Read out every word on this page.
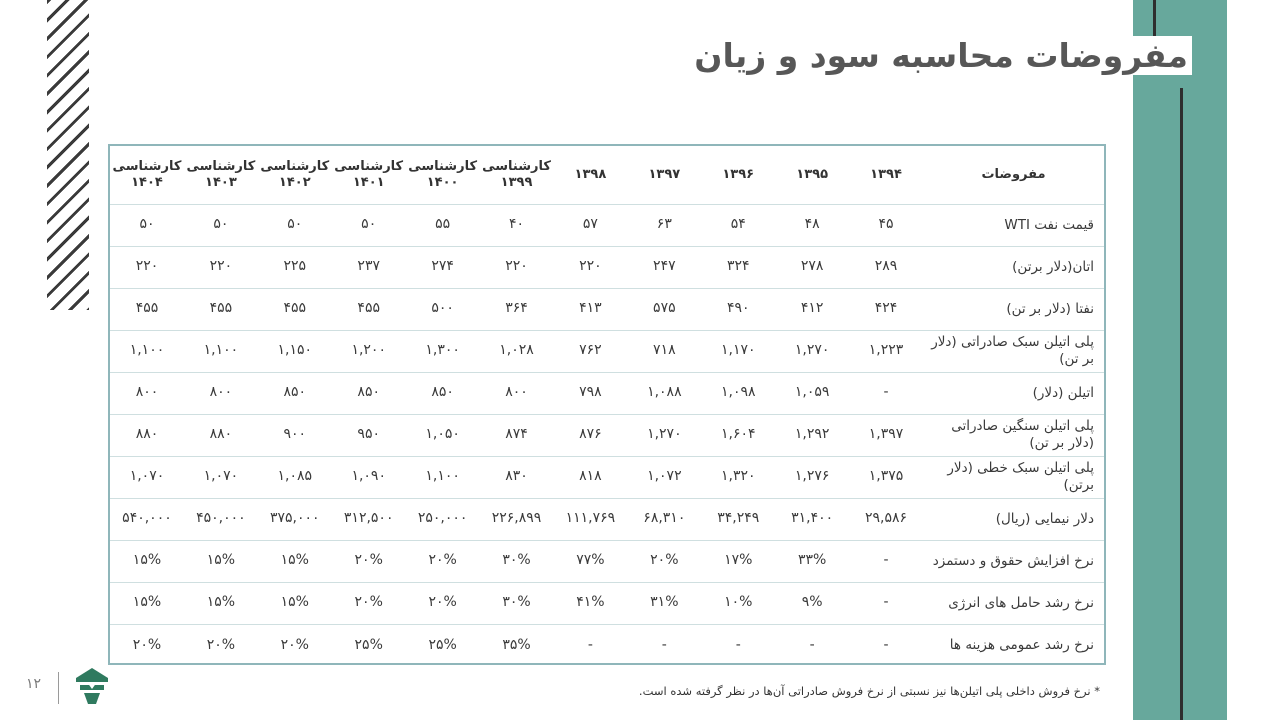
مفروضات محاسبه سود و زیان
مفروضات	۱۳۹۴	۱۳۹۵	۱۳۹۶	۱۳۹۷	۱۳۹۸	کارشناسی ۱۳۹۹	کارشناسی ۱۴۰۰	کارشناسی ۱۴۰۱	کارشناسی ۱۴۰۲	کارشناسی ۱۴۰۳	کارشناسی ۱۴۰۴
قیمت نفت WTI	۴۵	۴۸	۵۴	۶۳	۵۷	۴۰	۵۵	۵۰	۵۰	۵۰	۵۰
اتان(دلار برتن)	۲۸۹	۲۷۸	۳۲۴	۲۴۷	۲۲۰	۲۲۰	۲۷۴	۲۳۷	۲۲۵	۲۲۰	۲۲۰
نفتا (دلار بر تن)	۴۲۴	۴۱۲	۴۹۰	۵۷۵	۴۱۳	۳۶۴	۵۰۰	۴۵۵	۴۵۵	۴۵۵	۴۵۵
پلی اتیلن سبک صادراتی (دلار بر تن)	۱,۲۲۳	۱,۲۷۰	۱,۱۷۰	۷۱۸	۷۶۲	۱,۰۲۸	۱,۳۰۰	۱,۲۰۰	۱,۱۵۰	۱,۱۰۰	۱,۱۰۰
اتیلن (دلار)	-	۱,۰۵۹	۱,۰۹۸	۱,۰۸۸	۷۹۸	۸۰۰	۸۵۰	۸۵۰	۸۵۰	۸۰۰	۸۰۰
پلی اتیلن سنگین صادراتی (دلار بر تن)	۱,۳۹۷	۱,۲۹۲	۱,۶۰۴	۱,۲۷۰	۸۷۶	۸۷۴	۱,۰۵۰	۹۵۰	۹۰۰	۸۸۰	۸۸۰
پلی اتیلن سبک خطی (دلار برتن)	۱,۳۷۵	۱,۲۷۶	۱,۳۲۰	۱,۰۷۲	۸۱۸	۸۳۰	۱,۱۰۰	۱,۰۹۰	۱,۰۸۵	۱,۰۷۰	۱,۰۷۰
دلار نیمایی (ریال)	۲۹,۵۸۶	۳۱,۴۰۰	۳۴,۲۴۹	۶۸,۳۱۰	۱۱۱,۷۶۹	۲۲۶,۸۹۹	۲۵۰,۰۰۰	۳۱۲,۵۰۰	۳۷۵,۰۰۰	۴۵۰,۰۰۰	۵۴۰,۰۰۰
نرخ افزایش حقوق و دستمزد	-	۳۳%	۱۷%	۲۰%	۷۷%	۳۰%	۲۰%	۲۰%	۱۵%	۱۵%	۱۵%
نرخ رشد حامل های انرژی	-	۹%	۱۰%	۳۱%	۴۱%	۳۰%	۲۰%	۲۰%	۱۵%	۱۵%	۱۵%
نرخ رشد عمومی هزینه ها	-	-	-	-	-	۳۵%	۲۵%	۲۵%	۲۰%	۲۰%	۲۰%
۱۲	* نرخ فروش داخلی پلی اتیلن‌ها نیز نسبتی از نرخ فروش صادراتی آن‌ها در نظر گرفته شده است.
